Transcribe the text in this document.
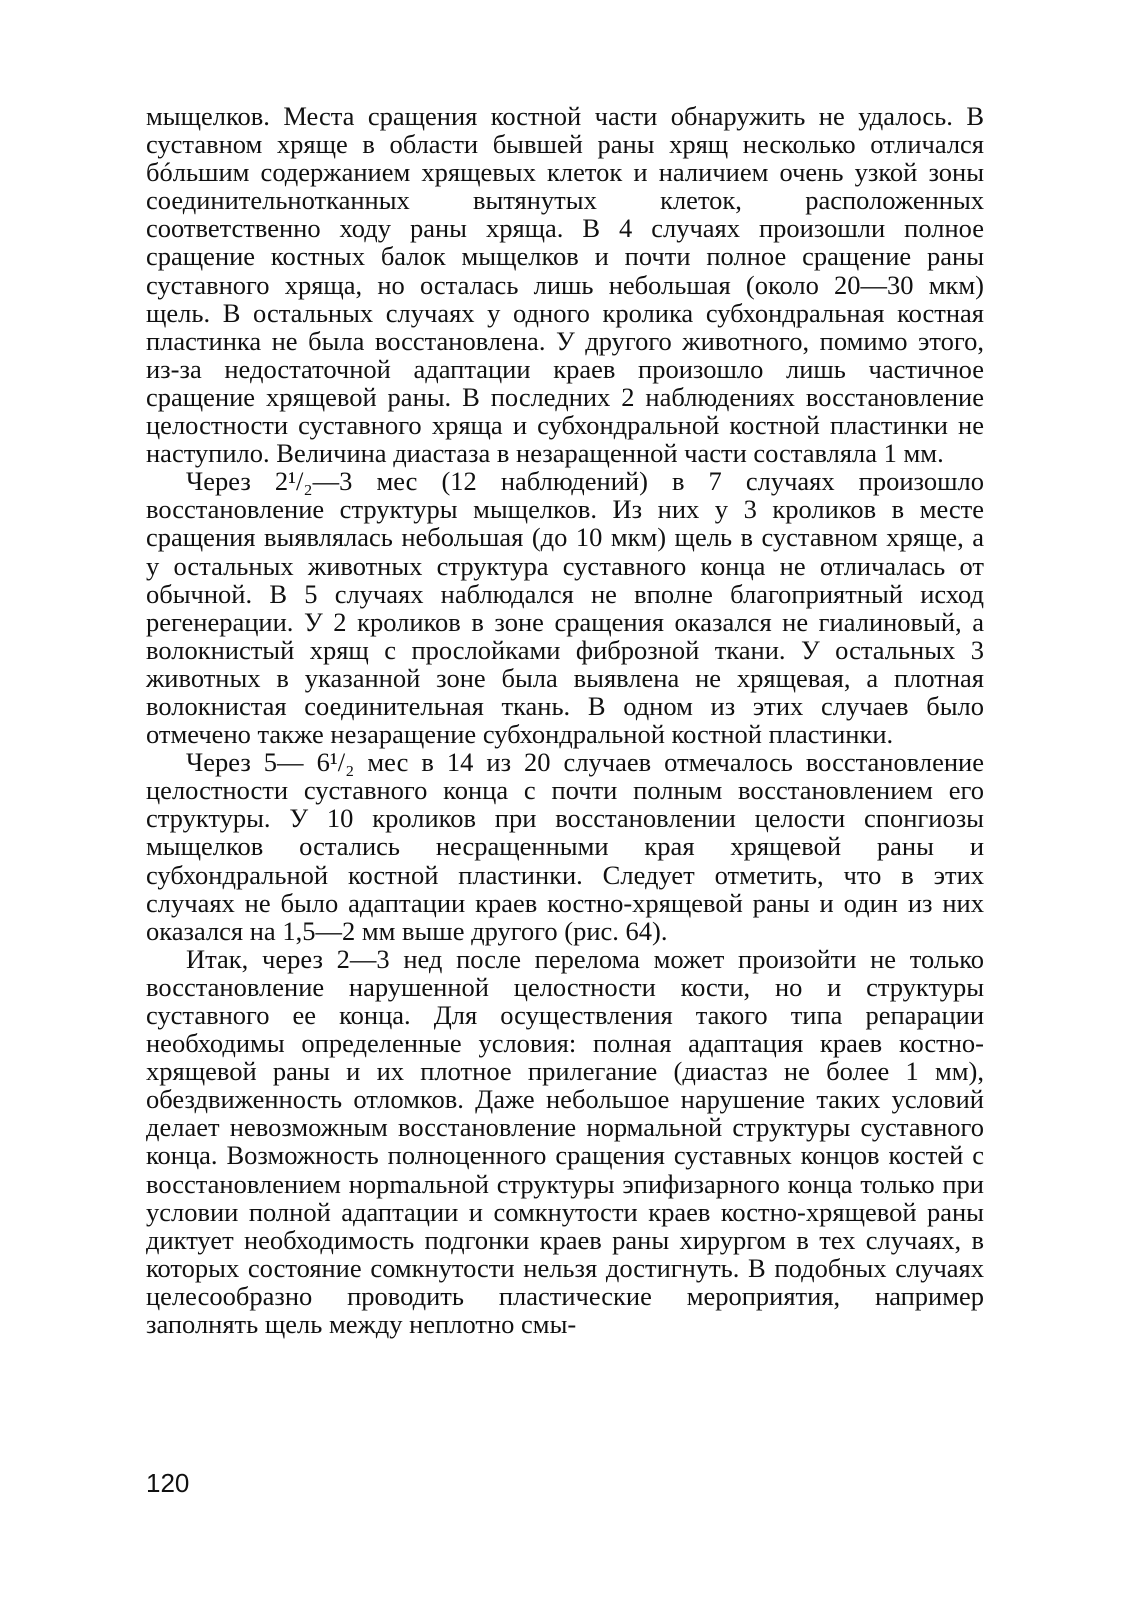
мыщелков. Места сращения костной части обнаружить не удалось. В суставном хряще в области бывшей раны хрящ несколько отличался бóльшим содержанием хрящевых клеток и наличием очень узкой зоны соединительнотканных вытянутых клеток, расположенных соответственно ходу раны хряща. В 4 случаях произошли полное сращение костных балок мыщелков и почти полное сращение раны суставного хряща, но осталась лишь небольшая (около 20—30 мкм) щель. В остальных случаях у одного кролика субхондральная костная пластинка не была восстановлена. У другого животного, помимо этого, из-за недостаточной адаптации краев произошло лишь частичное сращение хрящевой раны. В последних 2 наблюдениях восстановление целостности суставного хряща и субхондральной костной пластинки не наступило. Величина диастаза в незаращенной части составляла 1 мм.

Через 2¹/₂—3 мес (12 наблюдений) в 7 случаях произошло восстановление структуры мыщелков. Из них у 3 кроликов в месте сращения выявлялась небольшая (до 10 мкм) щель в суставном хряще, а у остальных животных структура суставного конца не отличалась от обычной. В 5 случаях наблюдался не вполне благоприятный исход регенерации. У 2 кроликов в зоне сращения оказался не гиалиновый, а волокнистый хрящ с прослойками фиброзной ткани. У остальных 3 животных в указанной зоне была выявлена не хрящевая, а плотная волокнистая соединительная ткань. В одном из этих случаев было отмечено также незаращение субхондральной костной пластинки.

Через 5— 6¹/₂ мес в 14 из 20 случаев отмечалось восстановление целостности суставного конца с почти полным восстановлением его структуры. У 10 кроликов при восстановлении целости спонгиозы мыщелков остались несращенными края хрящевой раны и субхондральной костной пластинки. Следует отметить, что в этих случаях не было адаптации краев костно-хрящевой раны и один из них оказался на 1,5—2 мм выше другого (рис. 64).

Итак, через 2—3 нед после перелома может произойти не только восстановление нарушенной целостности кости, но и структуры суставного ее конца. Для осуществления такого типа репарации необходимы определенные условия: полная адаптация краев костно-хрящевой раны и их плотное прилегание (диастаз не более 1 мм), обездвиженность отломков. Даже небольшое нарушение таких условий делает невозможным восстановление нормальной структуры суставного конца. Возможность полноценного сращения суставных концов костей с восстановлением норmальной структуры эпифизарного конца только при условии полной адаптации и сомкнутости краев костно-хрящевой раны диктует необходимость подгонки краев раны хирургом в тех случаях, в которых состояние сомкнутости нельзя достигнуть. В подобных случаях целесообразно проводить пластические мероприятия, например заполнять щель между неплотно смы-

120
